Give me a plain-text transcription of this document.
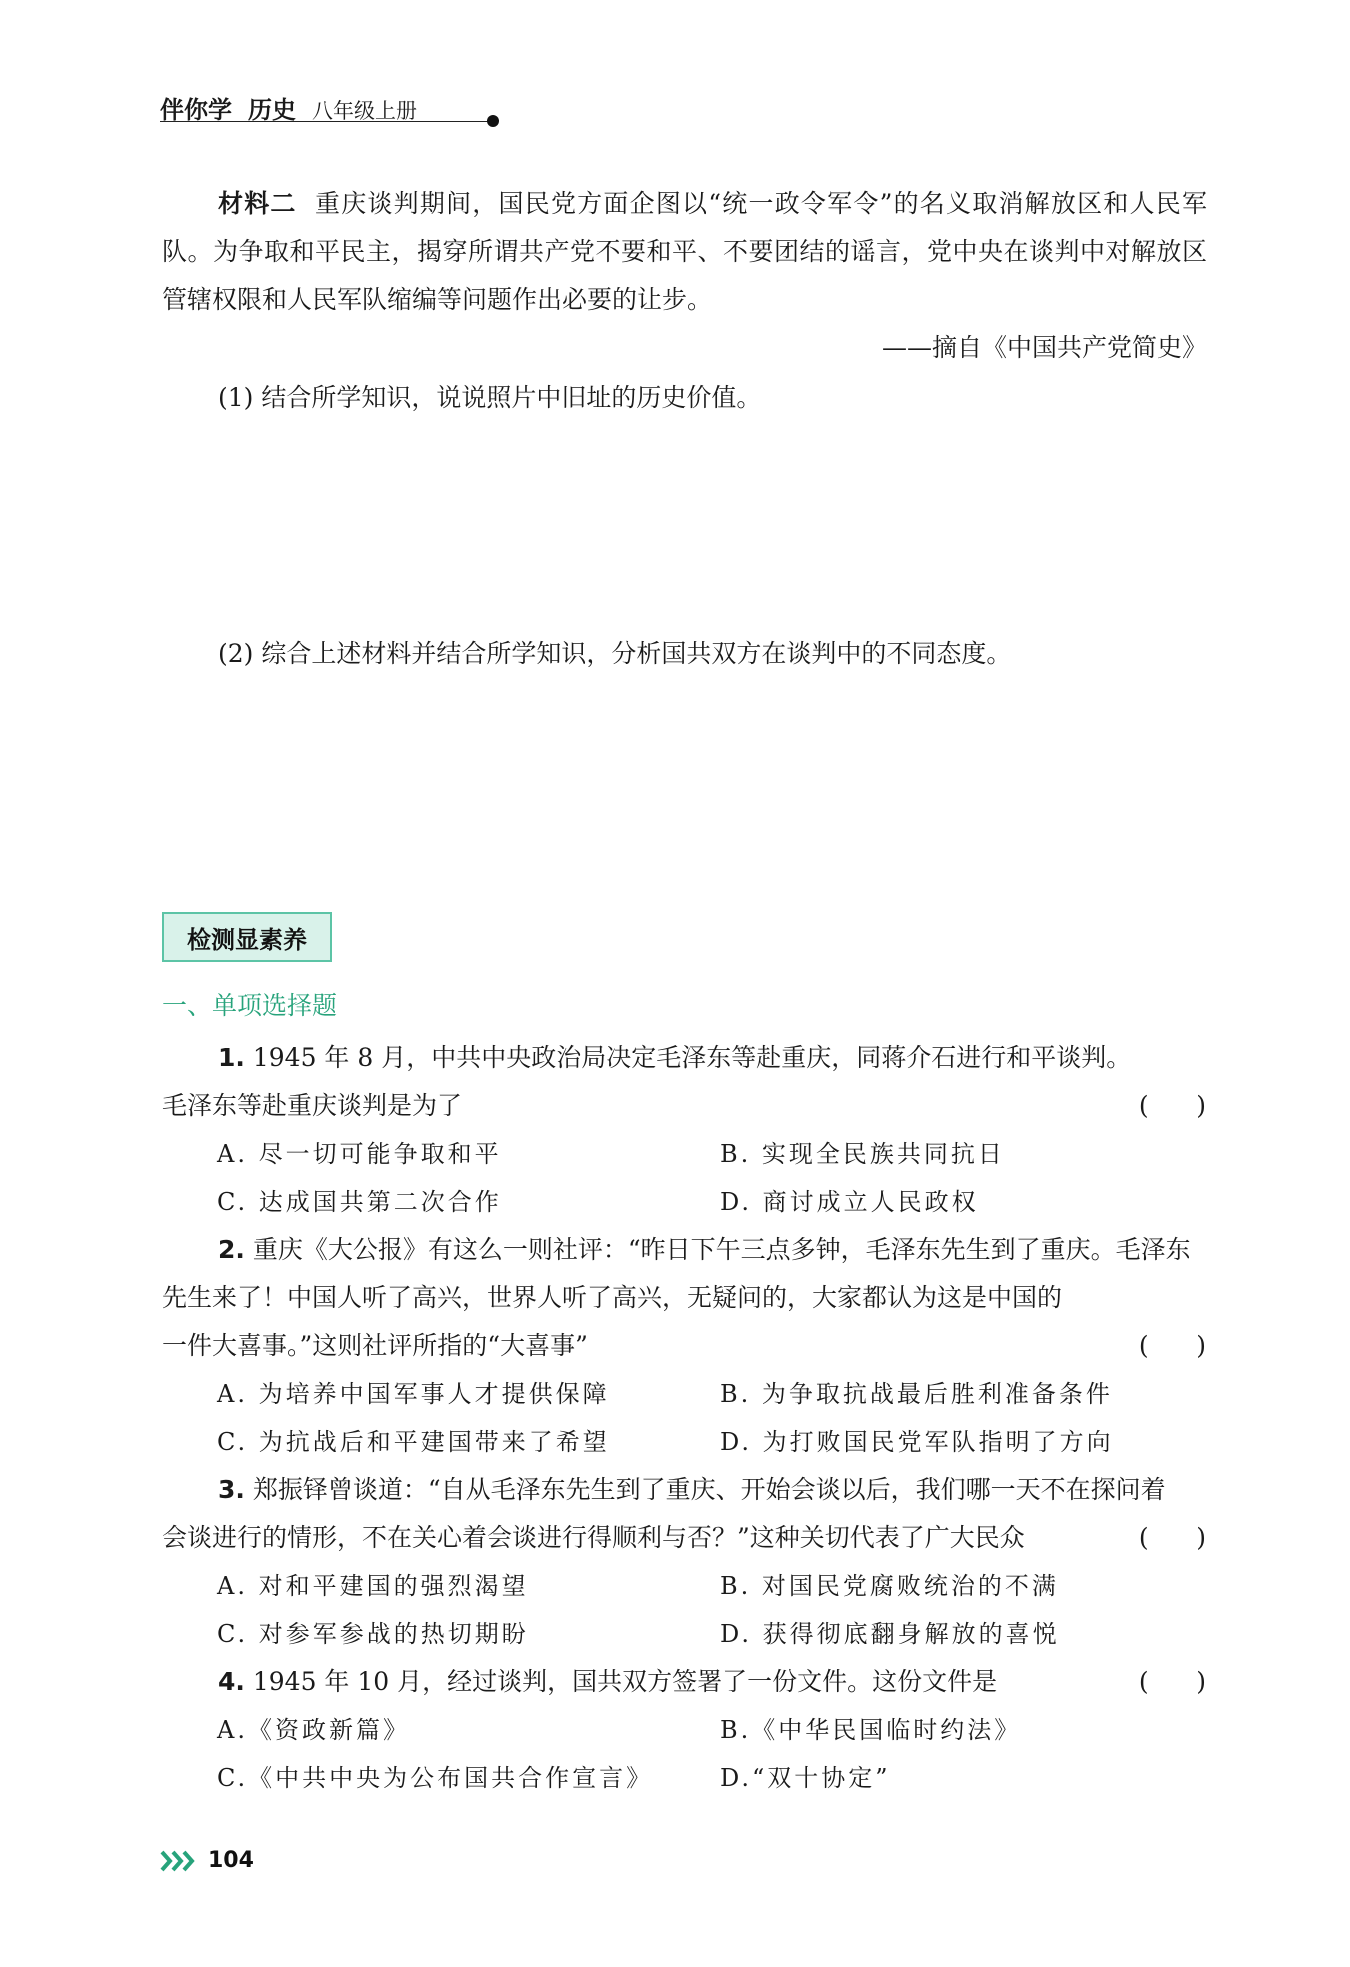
伴你学 历史 八年级上册

材料二 重庆谈判期间，国民党方面企图以“统一政令军令”的名义取消解放区和人民军队。为争取和平民主，揭穿所谓共产党不要和平、不要团结的谣言，党中央在谈判中对解放区管辖权限和人民军队缩编等问题作出必要的让步。

——摘自《中国共产党简史》

(1) 结合所学知识，说说照片中旧址的历史价值。

(2) 综合上述材料并结合所学知识，分析国共双方在谈判中的不同态度。

检测显素养
一、单项选择题

1. 1945 年 8 月，中共中央政治局决定毛泽东等赴重庆，同蒋介石进行和平谈判。

毛泽东等赴重庆谈判是为了	(      )
A. 尽一切可能争取和平	B. 实现全民族共同抗日
C. 达成国共第二次合作	D. 商讨成立人民政权

2. 重庆《大公报》有这么一则社评：“昨日下午三点多钟，毛泽东先生到了重庆。毛泽东先生来了！中国人听了高兴，世界人听了高兴，无疑问的，大家都认为这是中国的

一件大喜事。”这则社评所指的“大喜事”	(      )
A. 为培养中国军事人才提供保障	B. 为争取抗战最后胜利准备条件
C. 为抗战后和平建国带来了希望	D. 为打败国民党军队指明了方向

3. 郑振铎曾谈道：“自从毛泽东先生到了重庆、开始会谈以后，我们哪一天不在探问着

会谈进行的情形，不在关心着会谈进行得顺利与否？”这种关切代表了广大民众	(      )
A. 对和平建国的强烈渴望	B. 对国民党腐败统治的不满
C. 对参军参战的热切期盼	D. 获得彻底翻身解放的喜悦
4. 1945 年 10 月，经过谈判，国共双方签署了一份文件。这份文件是	(      )
A.《资政新篇》	B.《中华民国临时约法》
C.《中共中央为公布国共合作宣言》	D.“双十协定”
104
